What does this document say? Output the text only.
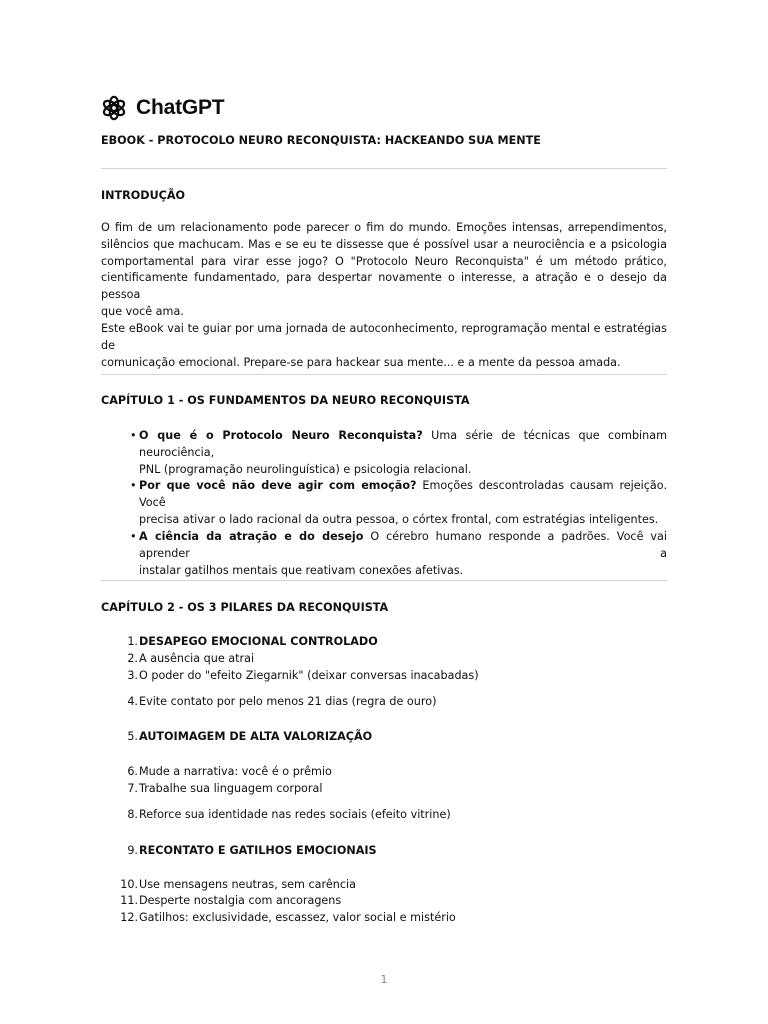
ChatGPT
EBOOK - PROTOCOLO NEURO RECONQUISTA: HACKEANDO SUA MENTE
INTRODUÇÃO
O fim de um relacionamento pode parecer o fim do mundo. Emoções intensas, arrependimentos,
silêncios que machucam. Mas e se eu te dissesse que é possível usar a neurociência e a psicologia
comportamental para virar esse jogo? O "Protocolo Neuro Reconquista" é um método prático,
cientificamente fundamentado, para despertar novamente o interesse, a atração e o desejo da pessoa
que você ama.
Este eBook vai te guiar por uma jornada de autoconhecimento, reprogramação mental e estratégias de
comunicação emocional. Prepare-se para hackear sua mente... e a mente da pessoa amada.
CAPÍTULO 1 - OS FUNDAMENTOS DA NEURO RECONQUISTA
• O que é o Protocolo Neuro Reconquista? Uma série de técnicas que combinam neurociência,
PNL (programação neurolinguística) e psicologia relacional.
• Por que você não deve agir com emoção? Emoções descontroladas causam rejeição. Você
precisa ativar o lado racional da outra pessoa, o córtex frontal, com estratégias inteligentes.
• A ciência da atração e do desejo O cérebro humano responde a padrões. Você vai aprender a
instalar gatilhos mentais que reativam conexões afetivas.
CAPÍTULO 2 - OS 3 PILARES DA RECONQUISTA
1. DESAPEGO EMOCIONAL CONTROLADO
2. A ausência que atrai
3. O poder do "efeito Ziegarnik" (deixar conversas inacabadas)
4. Evite contato por pelo menos 21 dias (regra de ouro)
5. AUTOIMAGEM DE ALTA VALORIZAÇÃO
6. Mude a narrativa: você é o prêmio
7. Trabalhe sua linguagem corporal
8. Reforce sua identidade nas redes sociais (efeito vitrine)
9. RECONTATO E GATILHOS EMOCIONAIS
10. Use mensagens neutras, sem carência
11. Desperte nostalgia com ancoragens
12. Gatilhos: exclusividade, escassez, valor social e mistério
1
